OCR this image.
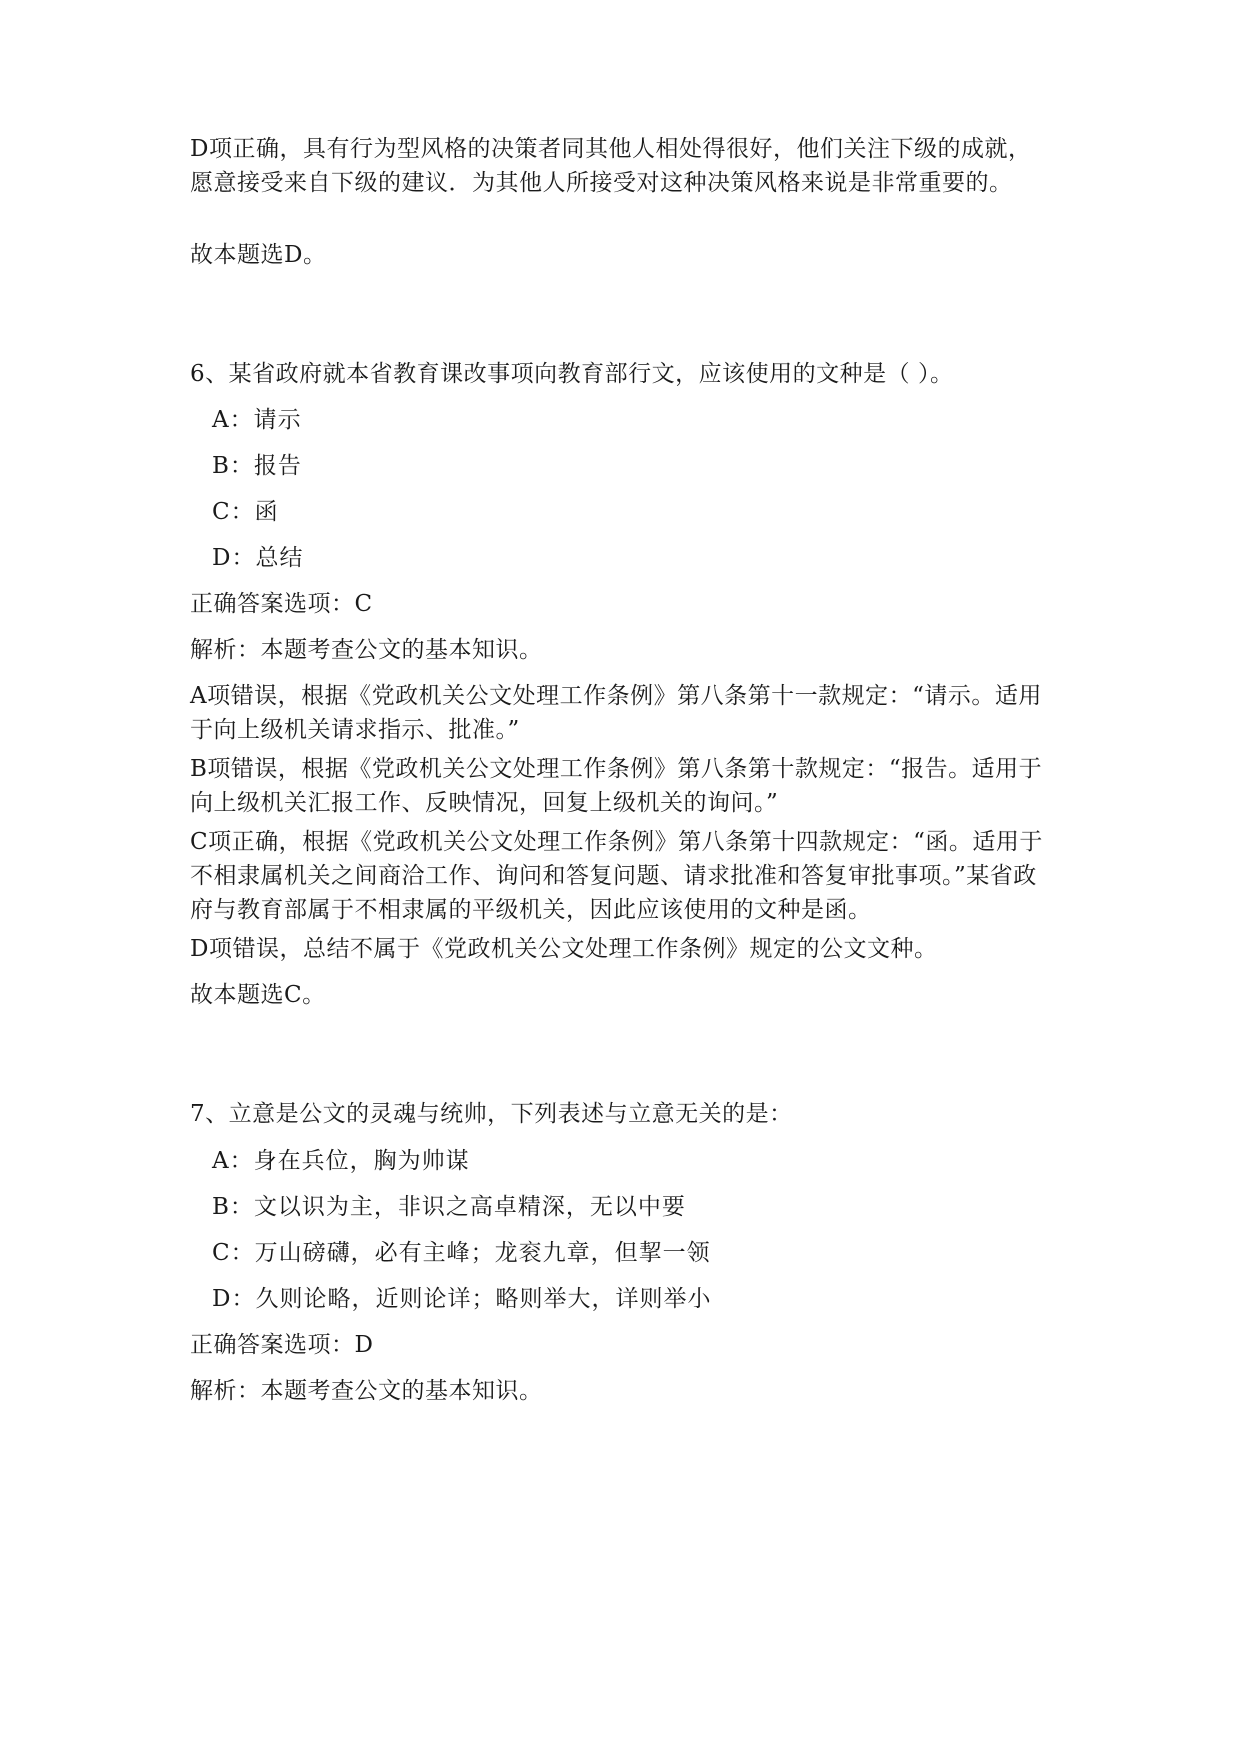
D项正确，具有行为型风格的决策者同其他人相处得很好，他们关注下级的成就，愿意接受来自下级的建议．为其他人所接受对这种决策风格来说是非常重要的。

故本题选D。

6、某省政府就本省教育课改事项向教育部行文，应该使用的文种是（ ）。

A：请示

B：报告

C：函

D：总结

正确答案选项：C

解析：本题考查公文的基本知识。

A项错误，根据《党政机关公文处理工作条例》第八条第十一款规定：“请示。适用于向上级机关请求指示、批准。”

B项错误，根据《党政机关公文处理工作条例》第八条第十款规定：“报告。适用于向上级机关汇报工作、反映情况，回复上级机关的询问。”

C项正确，根据《党政机关公文处理工作条例》第八条第十四款规定：“函。适用于不相隶属机关之间商洽工作、询问和答复问题、请求批准和答复审批事项。”某省政府与教育部属于不相隶属的平级机关，因此应该使用的文种是函。

D项错误，总结不属于《党政机关公文处理工作条例》规定的公文文种。

故本题选C。

7、立意是公文的灵魂与统帅，下列表述与立意无关的是：

A：身在兵位，胸为帅谋

B：文以识为主，非识之高卓精深，无以中要

C：万山磅礴，必有主峰；龙衮九章，但挈一领

D：久则论略，近则论详；略则举大，详则举小

正确答案选项：D

解析：本题考查公文的基本知识。
